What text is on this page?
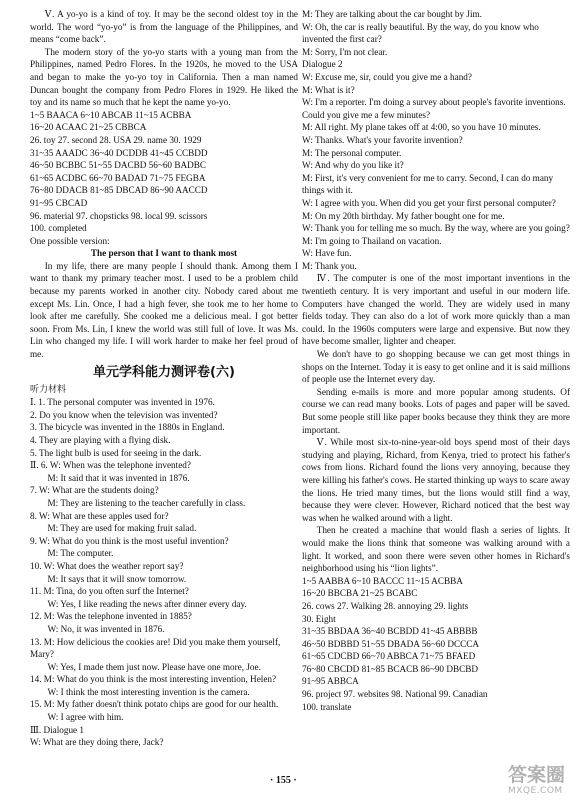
Ⅴ. A yo-yo is a kind of toy. It may be the second oldest toy in the world. The word “yo-yo” is from the language of the Philippines, and means “come back”.

The modern story of the yo-yo starts with a young man from the Philippines, named Pedro Flores. In the 1920s, he moved to the USA and began to make the yo-yo toy in California. Then a man named Duncan bought the company from Pedro Flores in 1929. He liked the toy and its name so much that he kept the name yo-yo.

1~5 BAACA 6~10 ABCAB 11~15 ACBBA

16~20 ACAAC 21~25 CBBCA

26. toy 27. second 28. USA 29. name 30. 1929

31~35 AAADC 36~40 DCDDB 41~45 CCBDD

46~50 BCBBC 51~55 DACBD 56~60 BADBC

61~65 ACDBC 66~70 BADAD 71~75 FEGBA

76~80 DDACB 81~85 DBCAD 86~90 AACCD

91~95 CBCAD

96. material 97. chopsticks 98. local 99. scissors

100. completed

One possible version:

The person that I want to thank most

In my life, there are many people I should thank. Among them I want to thank my primary teacher most. I used to be a problem child because my parents worked in another city. Nobody cared about me except Ms. Lin. Once, I had a high fever, she took me to her home to look after me carefully. She cooked me a delicious meal. I got better soon. From Ms. Lin, I knew the world was still full of love. It was Ms. Lin who changed my life. I will work harder to make her feel proud of me.

单元学科能力测评卷(六)

听力材料

Ⅰ. 1. The personal computer was invented in 1976.

2. Do you know when the television was invented?

3. The bicycle was invented in the 1880s in England.

4. They are playing with a flying disk.

5. The light bulb is used for seeing in the dark.

Ⅱ. 6. W: When was the telephone invented?

M: It said that it was invented in 1876.

7. W: What are the students doing?

M: They are listening to the teacher carefully in class.

8. W: What are these apples used for?

M: They are used for making fruit salad.

9. W: What do you think is the most useful invention?

M: The computer.

10. W: What does the weather report say?

M: It says that it will snow tomorrow.

11. M: Tina, do you often surf the Internet?

W: Yes, I like reading the news after dinner every day.

12. M: Was the telephone invented in 1885?

W: No, it was invented in 1876.

13. M: How delicious the cookies are! Did you make them yourself, Mary?

W: Yes, I made them just now. Please have one more, Joe.

14. M: What do you think is the most interesting invention, Helen?

W: I think the most interesting invention is the camera.

15. M: My father doesn't think potato chips are good for our health.

W: I agree with him.

Ⅲ. Dialogue 1

W: What are they doing there, Jack?

M: They are talking about the car bought by Jim.

W: Oh, the car is really beautiful. By the way, do you know who invented the first car?

M: Sorry, I'm not clear.

Dialogue 2

W: Excuse me, sir, could you give me a hand?

M: What is it?

W: I'm a reporter. I'm doing a survey about people's favorite inventions. Could you give me a few minutes?

M: All right. My plane takes off at 4:00, so you have 10 minutes.

W: Thanks. What's your favorite invention?

M: The personal computer.

W: And why do you like it?

M: First, it's very convenient for me to carry. Second, I can do many things with it.

W: I agree with you. When did you get your first personal computer?

M: On my 20th birthday. My father bought one for me.

W: Thank you for telling me so much. By the way, where are you going?

M: I'm going to Thailand on vacation.

W: Have fun.

M: Thank you.

Ⅳ. The computer is one of the most important inventions in the twentieth century. It is very important and useful in our modern life. Computers have changed the world. They are widely used in many fields today. They can also do a lot of work more quickly than a man could. In the 1960s computers were large and expensive. But now they have become smaller, lighter and cheaper.

We don't have to go shopping because we can get most things in shops on the Internet. Today it is easy to get online and it is said millions of people use the Internet every day.

Sending e-mails is more and more popular among students. Of course we can read many books. Lots of pages and paper will be saved. But some people still like paper books because they think they are more important.

Ⅴ. While most six-to-nine-year-old boys spend most of their days studying and playing, Richard, from Kenya, tried to protect his father's cows from lions. Richard found the lions very annoying, because they were killing his father's cows. He started thinking up ways to scare away the lions. He tried many times, but the lions would still find a way, because they were clever. However, Richard noticed that the best way was when he walked around with a light.

Then he created a machine that would flash a series of lights. It would make the lions think that someone was walking around with a light. It worked, and soon there were seven other homes in Richard's neighborhood using his “lion lights”.

1~5 AABBA 6~10 BACCC 11~15 ACBBA

16~20 BBCBA 21~25 BCABC

26. cows 27. Walking 28. annoying 29. lights

30. Eight

31~35 BBDAA 36~40 BCBDD 41~45 ABBBB

46~50 BDBBD 51~55 DBADA 56~60 DCCCA

61~65 CDCBD 66~70 ABBCA 71~75 BFAED

76~80 CBCDD 81~85 BCACB 86~90 DBCBD

91~95 ABBCA

96. project 97. websites 98. National 99. Canadian

100. translate

· 155 ·	答案圈
MXQE.COM
